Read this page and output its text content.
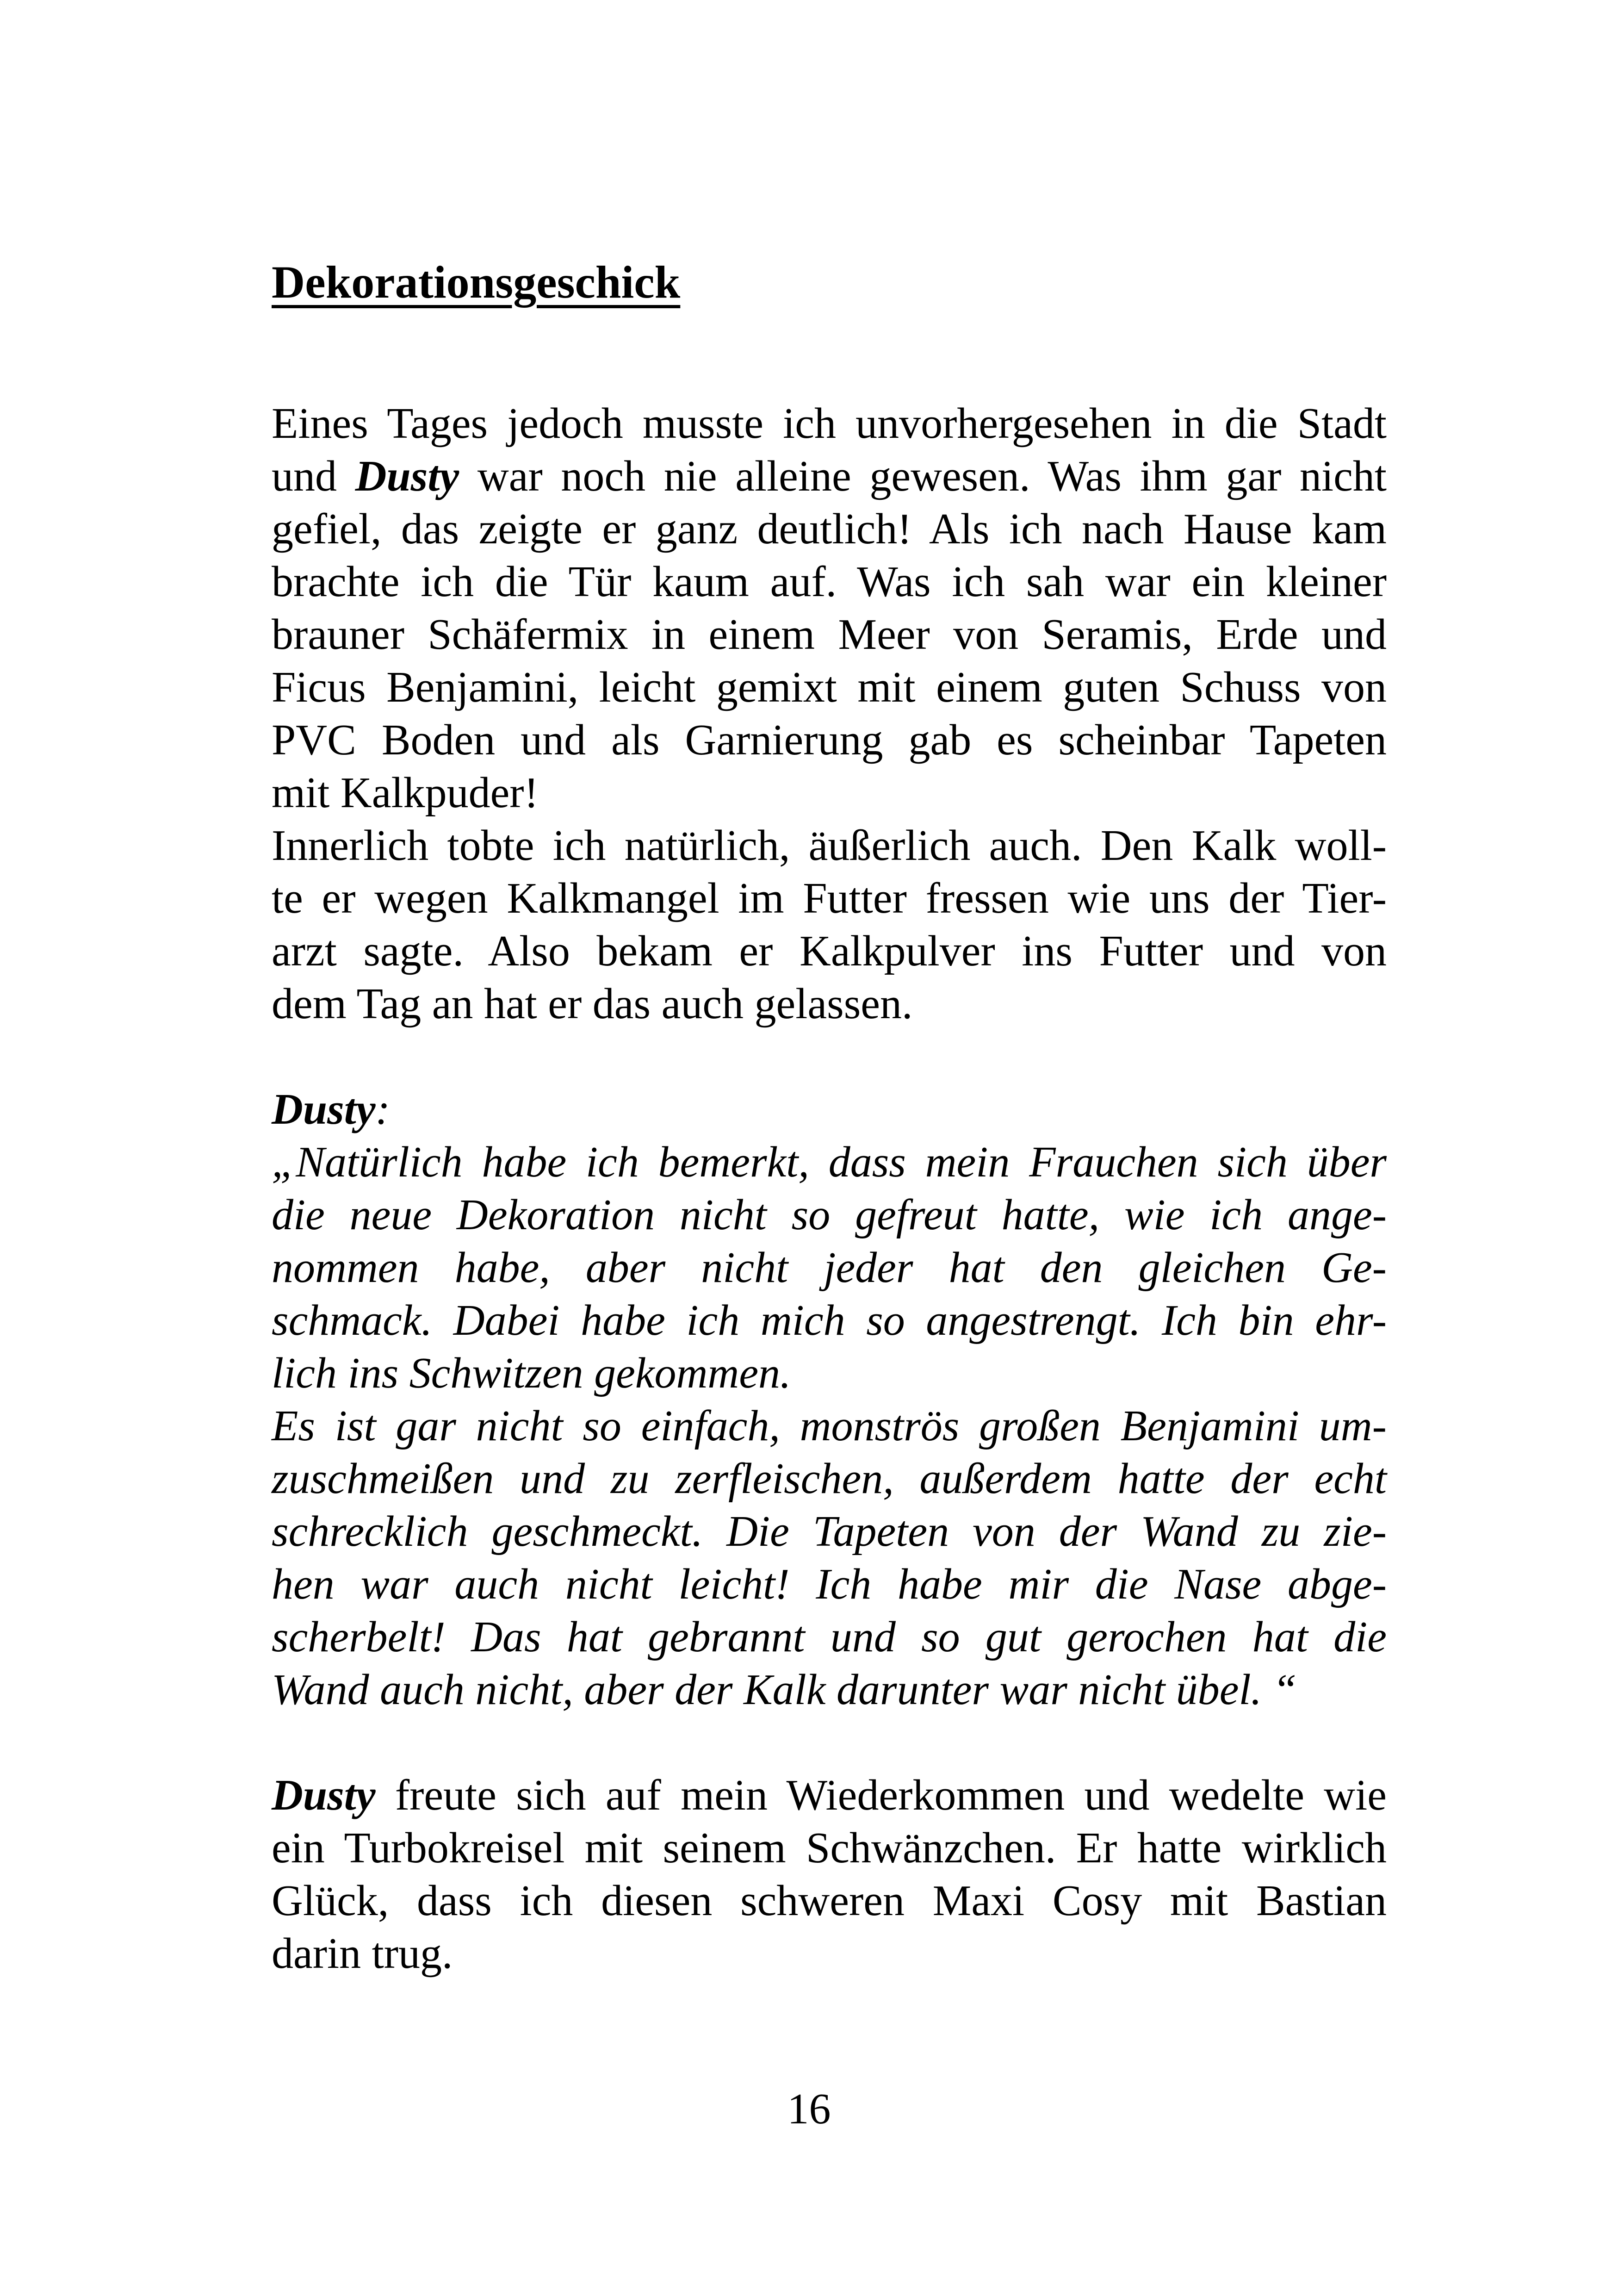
Dekorationsgeschick
Eines Tages jedoch musste ich unvorhergesehen in die Stadt
und Dusty war noch nie alleine gewesen. Was ihm gar nicht
gefiel, das zeigte er ganz deutlich! Als ich nach Hause kam
brachte ich die Tür kaum auf. Was ich sah war ein kleiner
brauner Schäfermix in einem Meer von Seramis, Erde und
Ficus Benjamini, leicht gemixt mit einem guten Schuss von
PVC Boden und als Garnierung gab es scheinbar Tapeten
mit Kalkpuder!
Innerlich tobte ich natürlich, äußerlich auch. Den Kalk woll-
te er wegen Kalkmangel im Futter fressen wie uns der Tier-
arzt sagte. Also bekam er Kalkpulver ins Futter und von
dem Tag an hat er das auch gelassen.
Dusty:
„Natürlich habe ich bemerkt, dass mein Frauchen sich über
die neue Dekoration nicht so gefreut hatte, wie ich ange-
nommen habe, aber nicht jeder hat den gleichen Ge-
schmack. Dabei habe ich mich so angestrengt. Ich bin ehr-
lich ins Schwitzen gekommen.
Es ist gar nicht so einfach, monströs großen Benjamini um-
zuschmeißen und zu zerfleischen, außerdem hatte der echt
schrecklich geschmeckt. Die Tapeten von der Wand zu zie-
hen war auch nicht leicht! Ich habe mir die Nase abge-
scherbelt! Das hat gebrannt und so gut gerochen hat die
Wand auch nicht, aber der Kalk darunter war nicht übel. “
Dusty freute sich auf mein Wiederkommen und wedelte wie
ein Turbokreisel mit seinem Schwänzchen. Er hatte wirklich
Glück, dass ich diesen schweren Maxi Cosy mit Bastian
darin trug.
16
